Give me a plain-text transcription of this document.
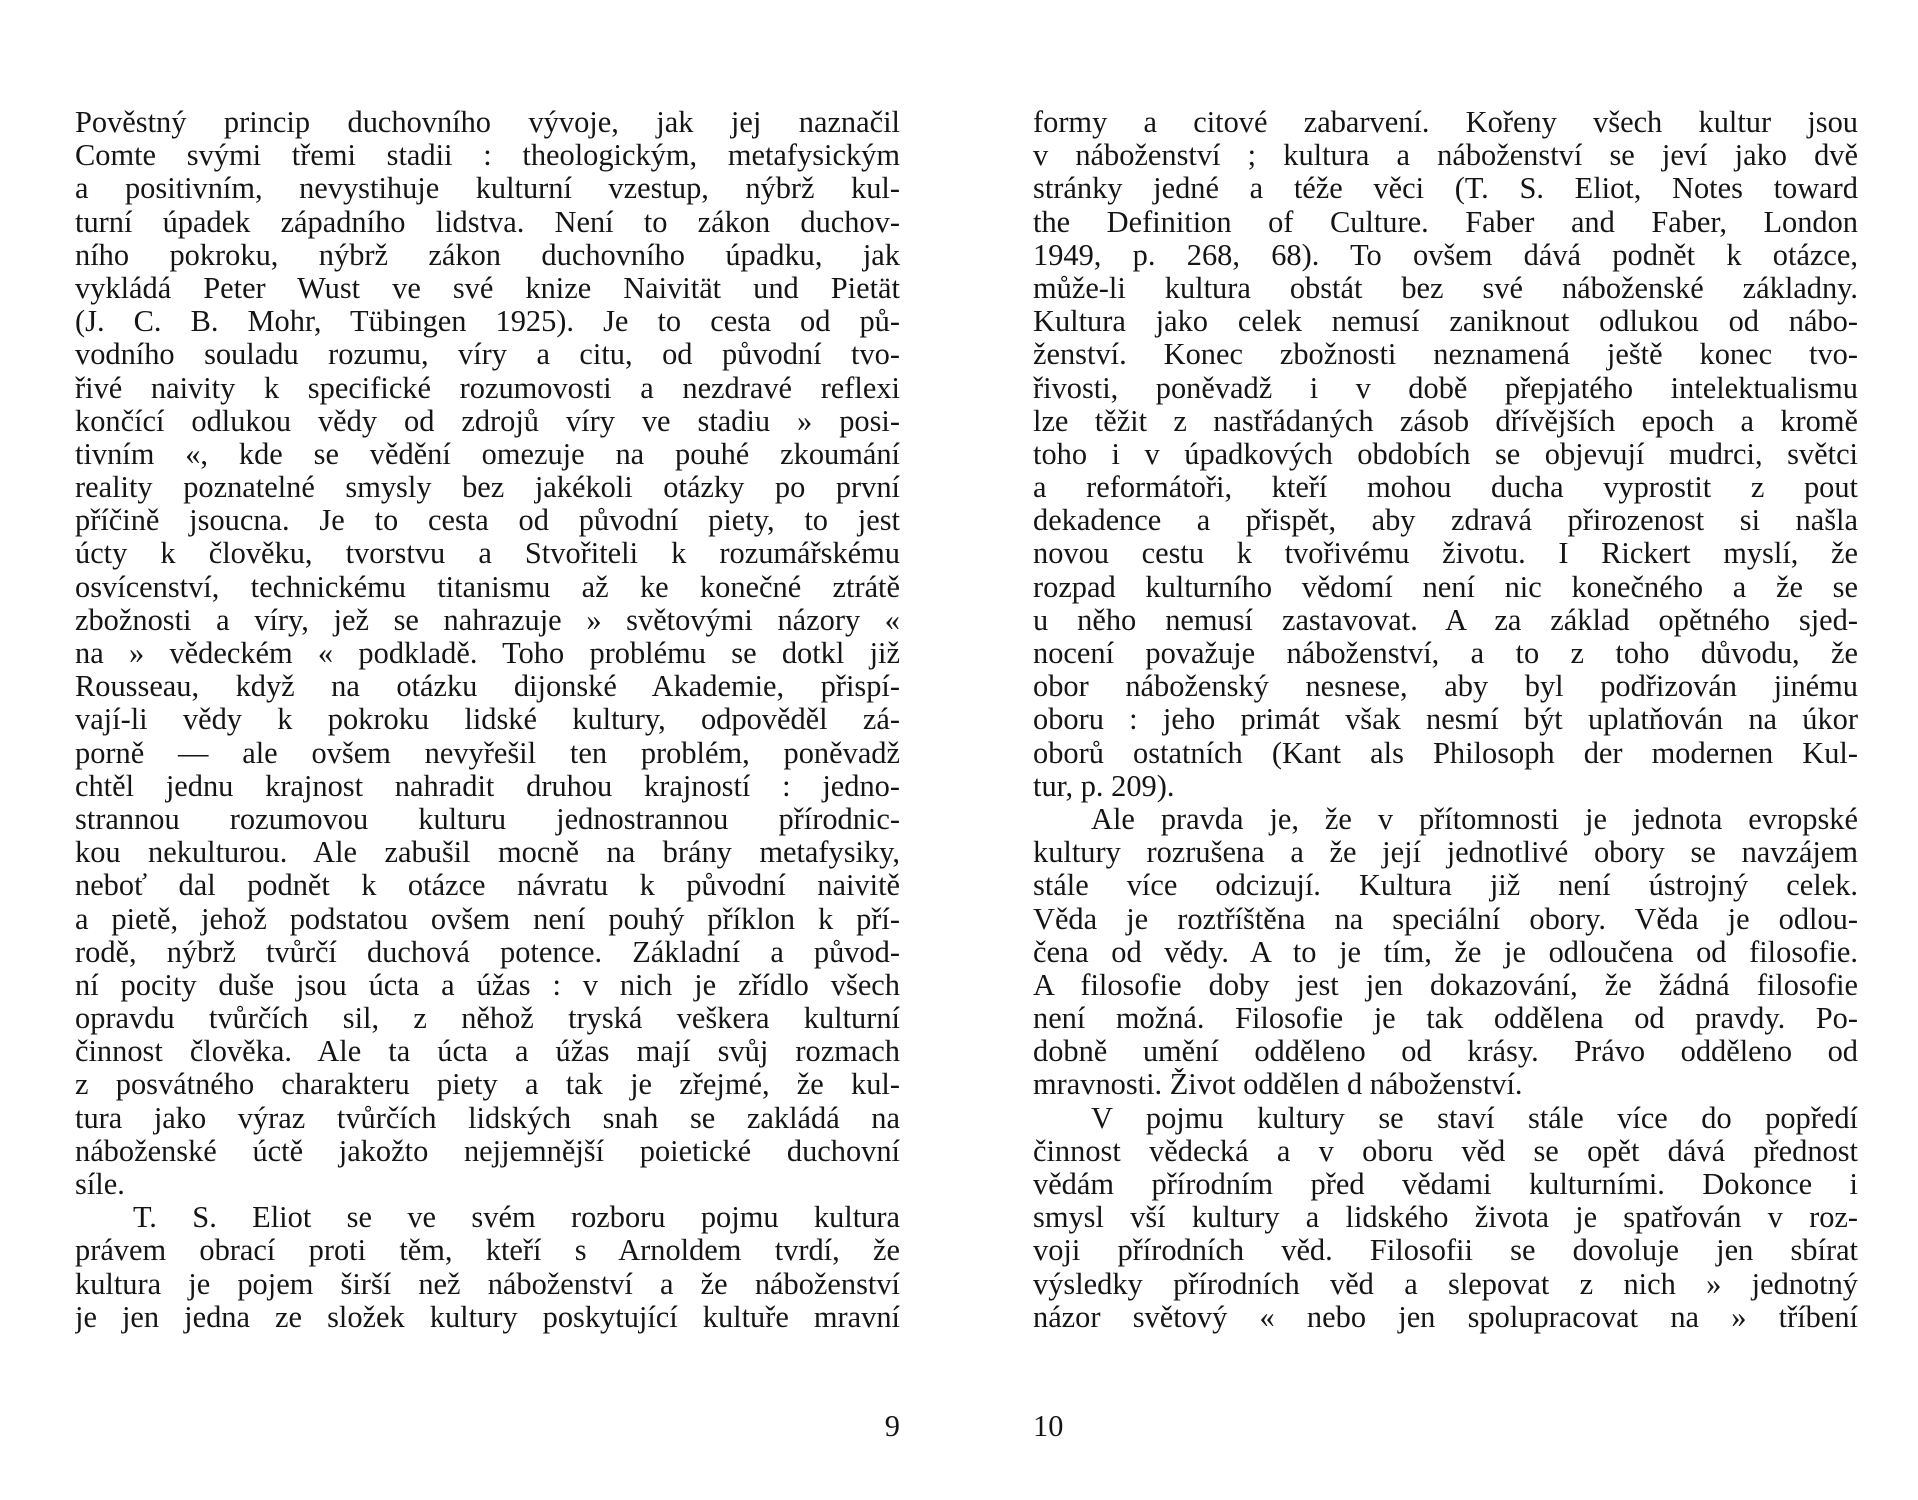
Pověstný princip duchovního vývoje, jak jej naznačil
Comte svými třemi stadii : theologickým, metafysickým
a positivním, nevystihuje kulturní vzestup, nýbrž kul-
turní úpadek západního lidstva. Není to zákon duchov-
ního pokroku, nýbrž zákon duchovního úpadku, jak
vykládá Peter Wust ve své knize Naivität und Pietät
(J. C. B. Mohr, Tübingen 1925). Je to cesta od pů-
vodního souladu rozumu, víry a citu, od původní tvo-
řivé naivity k specifické rozumovosti a nezdravé reflexi
končící odlukou vědy od zdrojů víry ve stadiu » posi-
tivním «, kde se vědění omezuje na pouhé zkoumání
reality poznatelné smysly bez jakékoli otázky po první
příčině jsoucna. Je to cesta od původní piety, to jest
úcty k člověku, tvorstvu a Stvořiteli k rozumářskému
osvícenství, technickému titanismu až ke konečné ztrátě
zbožnosti a víry, jež se nahrazuje » světovými názory «
na » vědeckém « podkladě. Toho problému se dotkl již
Rousseau, když na otázku dijonské Akademie, přispí-
vají-li vědy k pokroku lidské kultury, odpověděl zá-
porně — ale ovšem nevyřešil ten problém, poněvadž
chtěl jednu krajnost nahradit druhou krajností : jedno-
strannou rozumovou kulturu jednostrannou přírodnic-
kou nekulturou. Ale zabušil mocně na brány metafysiky,
neboť dal podnět k otázce návratu k původní naivitě
a pietě, jehož podstatou ovšem není pouhý příklon k pří-
rodě, nýbrž tvůrčí duchová potence. Základní a původ-
ní pocity duše jsou úcta a úžas : v nich je zřídlo všech
opravdu tvůrčích sil, z něhož tryská veškera kulturní
činnost člověka. Ale ta úcta a úžas mají svůj rozmach
z posvátného charakteru piety a tak je zřejmé, že kul-
tura jako výraz tvůrčích lidských snah se zakládá na
náboženské úctě jakožto nejjemnější poietické duchovní
síle.
T. S. Eliot se ve svém rozboru pojmu kultura
právem obrací proti těm, kteří s Arnoldem tvrdí, že
kultura je pojem širší než náboženství a že náboženství
je jen jedna ze složek kultury poskytující kultuře mravní
9
formy a citové zabarvení. Kořeny všech kultur jsou
v náboženství ; kultura a náboženství se jeví jako dvě
stránky jedné a téže věci (T. S. Eliot, Notes toward
the Definition of Culture. Faber and Faber, London
1949, p. 268, 68). To ovšem dává podnět k otázce,
může-li kultura obstát bez své náboženské základny.
Kultura jako celek nemusí zaniknout odlukou od nábo-
ženství. Konec zbožnosti neznamená ještě konec tvo-
řivosti, poněvadž i v době přepjatého intelektualismu
lze těžit z nastřádaných zásob dřívějších epoch a kromě
toho i v úpadkových obdobích se objevují mudrci, světci
a reformátoři, kteří mohou ducha vyprostit z pout
dekadence a přispět, aby zdravá přirozenost si našla
novou cestu k tvořivému životu. I Rickert myslí, že
rozpad kulturního vědomí není nic konečného a že se
u něho nemusí zastavovat. A za základ opětného sjed-
nocení považuje náboženství, a to z toho důvodu, že
obor náboženský nesnese, aby byl podřizován jinému
oboru : jeho primát však nesmí být uplatňován na úkor
oborů ostatních (Kant als Philosoph der modernen Kul-
tur, p. 209).
Ale pravda je, že v přítomnosti je jednota evropské
kultury rozrušena a že její jednotlivé obory se navzájem
stále více odcizují. Kultura již není ústrojný celek.
Věda je roztříštěna na speciální obory. Věda je odlou-
čena od vědy. A to je tím, že je odloučena od filosofie.
A filosofie doby jest jen dokazování, že žádná filosofie
není možná. Filosofie je tak oddělena od pravdy. Po-
dobně umění odděleno od krásy. Právo odděleno od
mravnosti. Život oddělen d náboženství.
V pojmu kultury se staví stále více do popředí
činnost vědecká a v oboru věd se opět dává přednost
vědám přírodním před vědami kulturními. Dokonce i
smysl vší kultury a lidského života je spatřován v roz-
voji přírodních věd. Filosofii se dovoluje jen sbírat
výsledky přírodních věd a slepovat z nich » jednotný
názor světový « nebo jen spolupracovat na » tříbení
10
